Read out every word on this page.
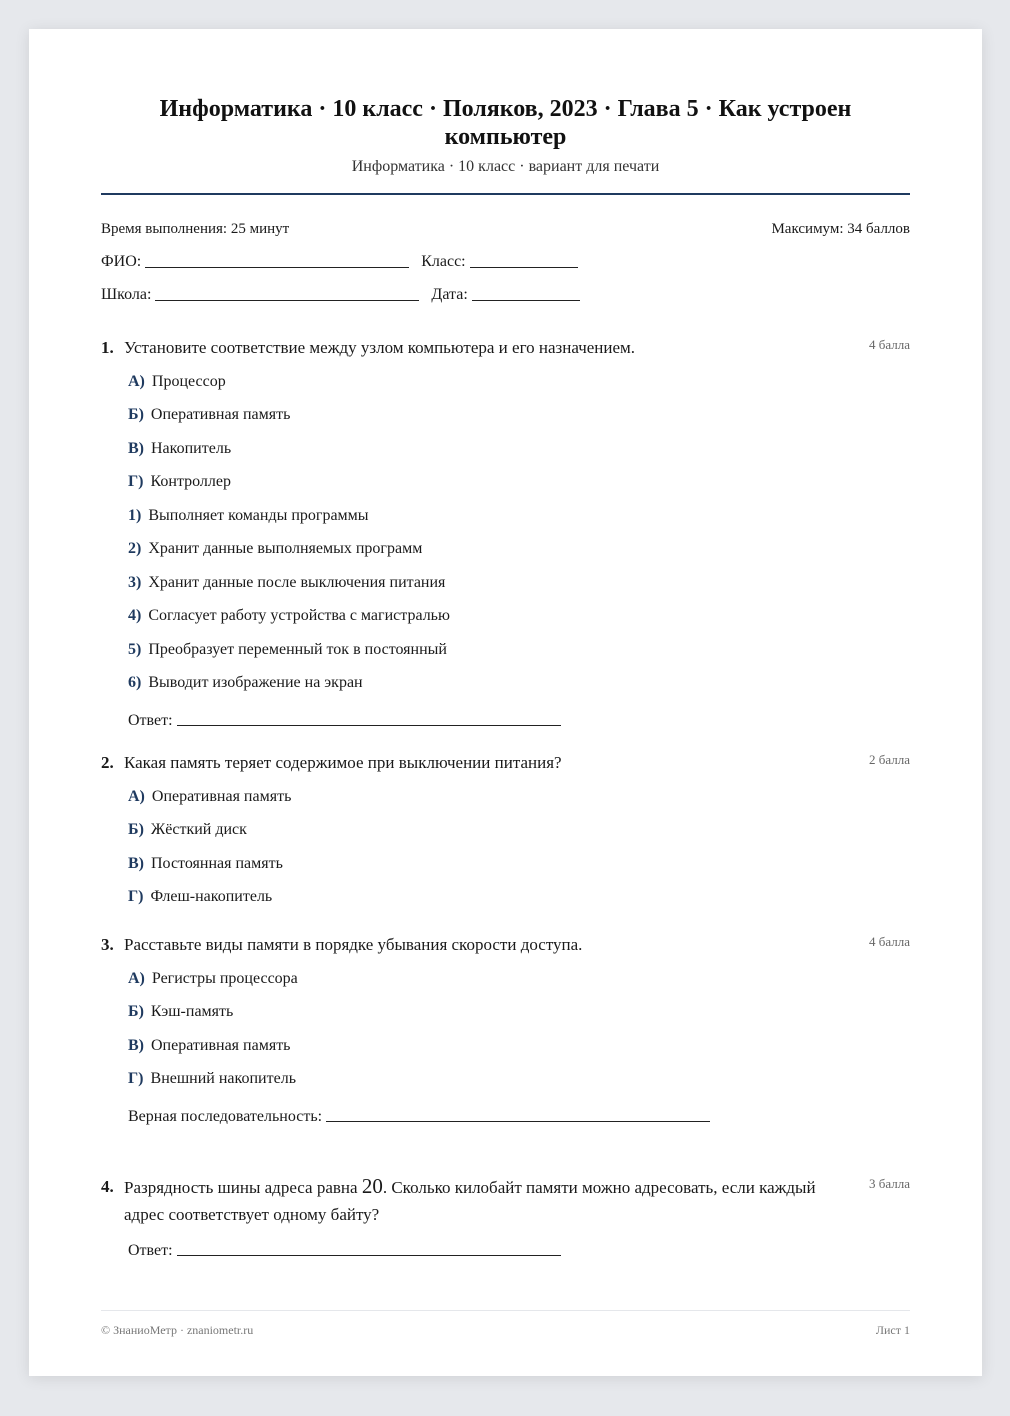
Информатика · 10 класс · Поляков, 2023 · Глава 5 · Как устроен компьютер
Информатика · 10 класс · вариант для печати
Время выполнения: 25 минут	Максимум: 34 баллов
ФИО:	Класс:
Школа:	Дата:
1. Установите соответствие между узлом компьютера и его назначением.	4 балла
А) Процессор
Б) Оперативная память
В) Накопитель
Г) Контроллер
1) Выполняет команды программы
2) Хранит данные выполняемых программ
3) Хранит данные после выключения питания
4) Согласует работу устройства с магистралью
5) Преобразует переменный ток в постоянный
6) Выводит изображение на экран
Ответ:
2. Какая память теряет содержимое при выключении питания?	2 балла
А) Оперативная память
Б) Жёсткий диск
В) Постоянная память
Г) Флеш-накопитель
3. Расставьте виды памяти в порядке убывания скорости доступа.	4 балла
А) Регистры процессора
Б) Кэш-память
В) Оперативная память
Г) Внешний накопитель
Верная последовательность:
4. Разрядность шины адреса равна 20. Сколько килобайт памяти можно адресовать, если каждый адрес соответствует одному байту?
3 балла
Ответ:
© ЗнаниоМетр · znaniometr.ru	Лист 1
